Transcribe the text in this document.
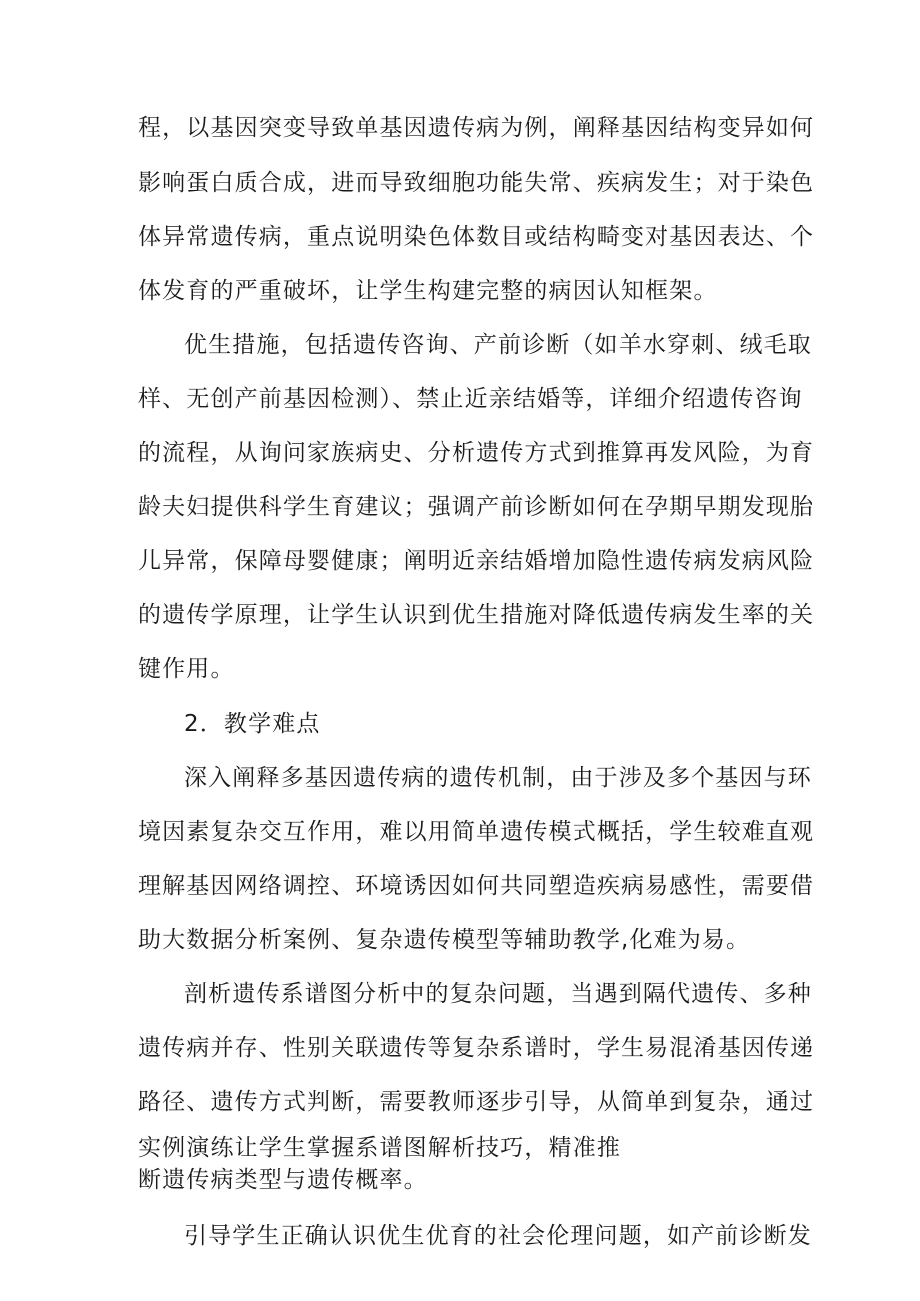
程，以基因突变导致单基因遗传病为例，阐释基因结构变异如何
影响蛋白质合成，进而导致细胞功能失常、疾病发生；对于染色
体异常遗传病，重点说明染色体数目或结构畸变对基因表达、个
体发育的严重破坏，让学生构建完整的病因认知框架。
优生措施，包括遗传咨询、产前诊断（如羊水穿刺、绒毛取
样、无创产前基因检测）、禁止近亲结婚等，详细介绍遗传咨询
的流程，从询问家族病史、分析遗传方式到推算再发风险，为育
龄夫妇提供科学生育建议；强调产前诊断如何在孕期早期发现胎
儿异常，保障母婴健康；阐明近亲结婚增加隐性遗传病发病风险
的遗传学原理，让学生认识到优生措施对降低遗传病发生率的关
键作用。
2．教学难点
深入阐释多基因遗传病的遗传机制，由于涉及多个基因与环
境因素复杂交互作用，难以用简单遗传模式概括，学生较难直观
理解基因网络调控、环境诱因如何共同塑造疾病易感性，需要借
助大数据分析案例、复杂遗传模型等辅助教学,化难为易。
剖析遗传系谱图分析中的复杂问题，当遇到隔代遗传、多种
遗传病并存、性别关联遗传等复杂系谱时，学生易混淆基因传递
路径、遗传方式判断，需要教师逐步引导，从简单到复杂，通过
实例演练让学生掌握系谱图解析技巧，精准推
断遗传病类型与遗传概率。
引导学生正确认识优生优育的社会伦理问题，如产前诊断发
